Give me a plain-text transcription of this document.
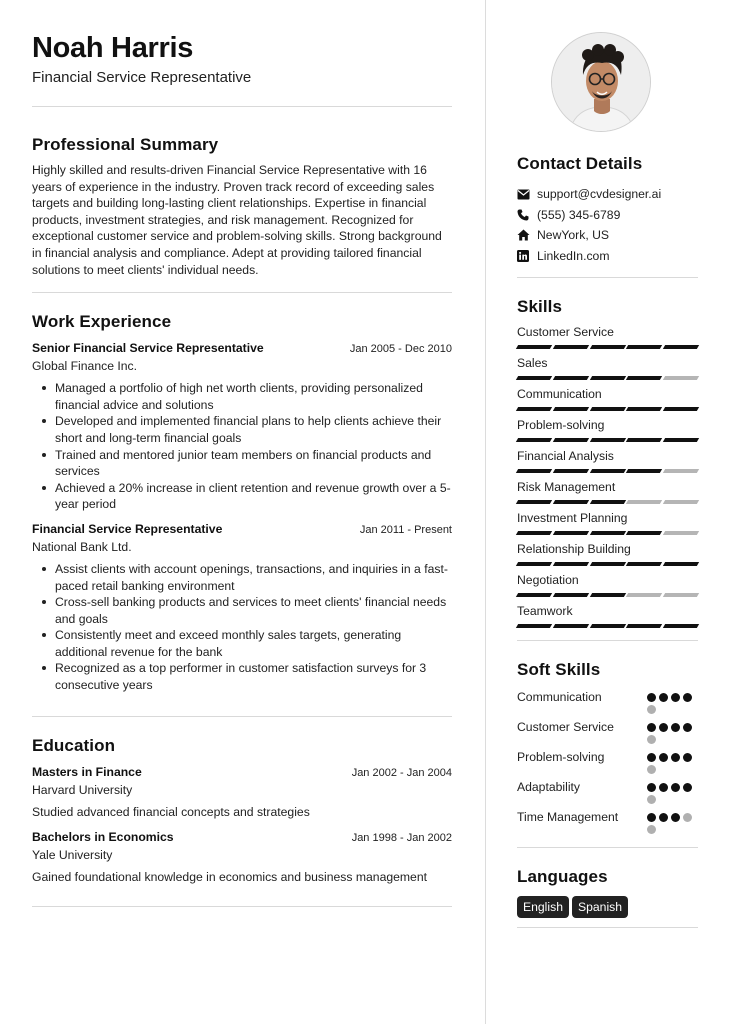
Noah Harris
Financial Service Representative
Professional Summary
Highly skilled and results-driven Financial Service Representative with 16 years of experience in the industry. Proven track record of exceeding sales targets and building long-lasting client relationships. Expertise in financial products, investment strategies, and risk management. Recognized for exceptional customer service and problem-solving skills. Strong background in financial analysis and compliance. Adept at providing tailored financial solutions to meet clients' individual needs.
Work Experience
Senior Financial Service Representative	Jan 2005 - Dec 2010
Global Finance Inc.
Managed a portfolio of high net worth clients, providing personalized financial advice and solutions
Developed and implemented financial plans to help clients achieve their short and long-term financial goals
Trained and mentored junior team members on financial products and services
Achieved a 20% increase in client retention and revenue growth over a 5-year period
Financial Service Representative	Jan 2011 - Present
National Bank Ltd.
Assist clients with account openings, transactions, and inquiries in a fast-paced retail banking environment
Cross-sell banking products and services to meet clients' financial needs and goals
Consistently meet and exceed monthly sales targets, generating additional revenue for the bank
Recognized as a top performer in customer satisfaction surveys for 3 consecutive years
Education
Masters in Finance	Jan 2002 - Jan 2004
Harvard University
Studied advanced financial concepts and strategies
Bachelors in Economics	Jan 1998 - Jan 2002
Yale University
Gained foundational knowledge in economics and business management
Contact Details
support@cvdesigner.ai
(555) 345-6789
NewYork, US
LinkedIn.com
Skills
Customer Service
Sales
Communication
Problem-solving
Financial Analysis
Risk Management
Investment Planning
Relationship Building
Negotiation
Teamwork
Soft Skills
Communication
Customer Service
Problem-solving
Adaptability
Time Management
Languages
English Spanish
